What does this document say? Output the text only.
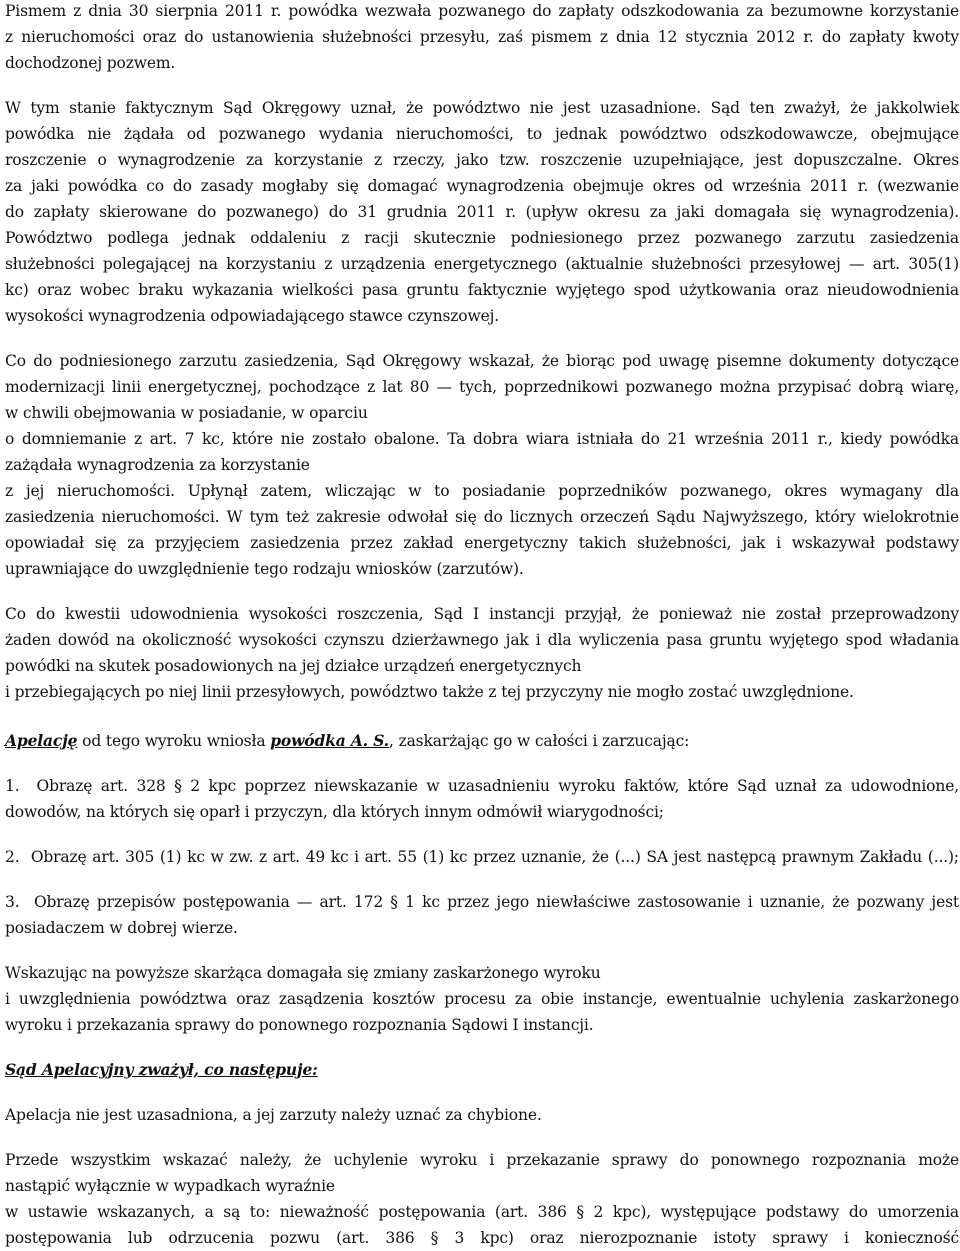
Pismem z dnia 30 sierpnia 2011 r. powódka wezwała pozwanego do zapłaty odszkodowania za bezumowne korzystanie
z nieruchomości oraz do ustanowienia służebności przesyłu, zaś pismem z dnia 12 stycznia 2012 r. do zapłaty kwoty
dochodzonej pozwem.
W tym stanie faktycznym Sąd Okręgowy uznał, że powództwo nie jest uzasadnione. Sąd ten zważył, że jakkolwiek
powódka nie żądała od pozwanego wydania nieruchomości, to jednak powództwo odszkodowawcze, obejmujące
roszczenie o wynagrodzenie za korzystanie z rzeczy, jako tzw. roszczenie uzupełniające, jest dopuszczalne. Okres
za jaki powódka co do zasady mogłaby się domagać wynagrodzenia obejmuje okres od września 2011 r. (wezwanie
do zapłaty skierowane do pozwanego) do 31 grudnia 2011 r. (upływ okresu za jaki domagała się wynagrodzenia).
Powództwo podlega jednak oddaleniu z racji skutecznie podniesionego przez pozwanego zarzutu zasiedzenia
służebności polegającej na korzystaniu z urządzenia energetycznego (aktualnie służebności przesyłowej — art. 305(1)
kc) oraz wobec braku wykazania wielkości pasa gruntu faktycznie wyjętego spod użytkowania oraz nieudowodnienia
wysokości wynagrodzenia odpowiadającego stawce czynszowej.
Co do podniesionego zarzutu zasiedzenia, Sąd Okręgowy wskazał, że biorąc pod uwagę pisemne dokumenty dotyczące
modernizacji linii energetycznej, pochodzące z lat 80 — tych, poprzednikowi pozwanego można przypisać dobrą wiarę,
w chwili obejmowania w posiadanie, w oparciu
o domniemanie z art. 7 kc, które nie zostało obalone. Ta dobra wiara istniała do 21 września 2011 r., kiedy powódka
zażądała wynagrodzenia za korzystanie
z jej nieruchomości. Upłynął zatem, wliczając w to posiadanie poprzedników pozwanego, okres wymagany dla
zasiedzenia nieruchomości. W tym też zakresie odwołał się do licznych orzeczeń Sądu Najwyższego, który wielokrotnie
opowiadał się za przyjęciem zasiedzenia przez zakład energetyczny takich służebności, jak i wskazywał podstawy
uprawniające do uwzględnienie tego rodzaju wniosków (zarzutów).
Co do kwestii udowodnienia wysokości roszczenia, Sąd I instancji przyjął, że ponieważ nie został przeprowadzony
żaden dowód na okoliczność wysokości czynszu dzierżawnego jak i dla wyliczenia pasa gruntu wyjętego spod władania
powódki na skutek posadowionych na jej działce urządzeń energetycznych
i przebiegających po niej linii przesyłowych, powództwo także z tej przyczyny nie mogło zostać uwzględnione.
Apelację od tego wyroku wniosła powódka A. S., zaskarżając go w całości i zarzucając:
1.  Obrazę art. 328 § 2 kpc poprzez niewskazanie w uzasadnieniu wyroku faktów, które Sąd uznał za udowodnione,
dowodów, na których się oparł i przyczyn, dla których innym odmówił wiarygodności;
2.  Obrazę art. 305 (1) kc w zw. z art. 49 kc i art. 55 (1) kc przez uznanie, że (...) SA jest następcą prawnym Zakładu (...);
3.  Obrazę przepisów postępowania — art. 172 § 1 kc przez jego niewłaściwe zastosowanie i uznanie, że pozwany jest
posiadaczem w dobrej wierze.
Wskazując na powyższe skarżąca domagała się zmiany zaskarżonego wyroku
i uwzględnienia powództwa oraz zasądzenia kosztów procesu za obie instancje, ewentualnie uchylenia zaskarżonego
wyroku i przekazania sprawy do ponownego rozpoznania Sądowi I instancji.
Sąd Apelacyjny zważył, co następuje:
Apelacja nie jest uzasadniona, a jej zarzuty należy uznać za chybione.
Przede wszystkim wskazać należy, że uchylenie wyroku i przekazanie sprawy do ponownego rozpoznania może
nastąpić wyłącznie w wypadkach wyraźnie
w ustawie wskazanych, a są to: nieważność postępowania (art. 386 § 2 kpc), występujące podstawy do umorzenia
postępowania lub odrzucenia pozwu (art. 386 § 3 kpc) oraz nierozpoznanie istoty sprawy i konieczność
